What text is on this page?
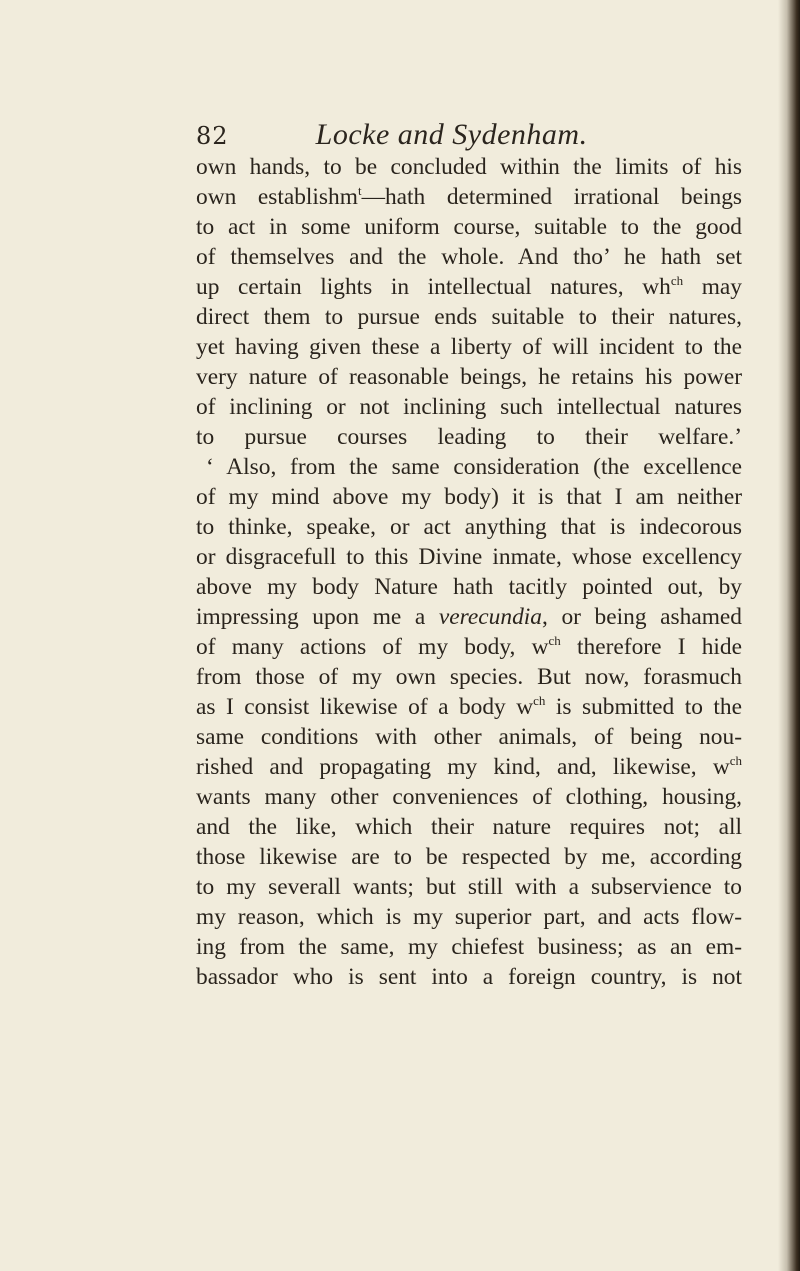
82	Locke and Sydenham.
own hands, to be concluded within the limits of his
own establishm$^t$—hath determined irrational beings
to act in some uniform course, suitable to the good
of themselves and the whole. And tho’ he hath set
up certain lights in intellectual natures, $wh^{ch}$ may
direct them to pursue ends suitable to their natures,
yet having given these a liberty of will incident to the
very nature of reasonable beings, he retains his power
of inclining or not inclining such intellectual natures
to pursue courses leading to their welfare.’
‘ Also, from the same consideration (the excellence
of my mind above my body) it is that I am neither
to thinke, speake, or act anything that is indecorous
or disgracefull to this Divine inmate, whose excellency
above my body Nature hath tacitly pointed out, by
impressing upon me a verecundia, or being ashamed
of many actions of my body, $w^{ch}$ therefore I hide
from those of my own species. But now, forasmuch
as I consist likewise of a body $w^{ch}$ is submitted to the
same conditions with other animals, of being nou-
rished and propagating my kind, and, likewise, $w^{ch}$
wants many other conveniences of clothing, housing,
and the like, which their nature requires not; all
those likewise are to be respected by me, according
to my severall wants; but still with a subservience to
my reason, which is my superior part, and acts flow-
ing from the same, my chiefest business; as an em-
bassador who is sent into a foreign country, is not
